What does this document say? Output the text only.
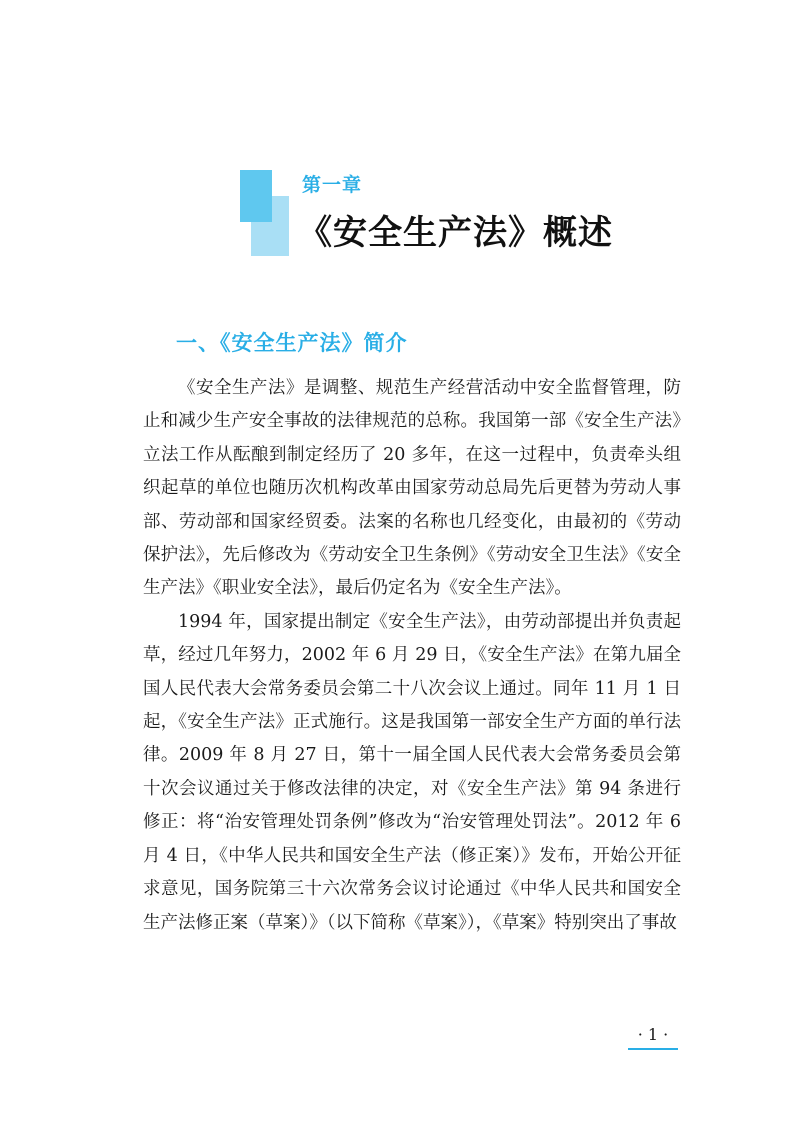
第一章
《安全生产法》概述
一、《安全生产法》简介

《安全生产法》是调整、规范生产经营活动中安全监督管理，防止和减少生产安全事故的法律规范的总称。我国第一部《安全生产法》立法工作从酝酿到制定经历了 20 多年，在这一过程中，负责牵头组织起草的单位也随历次机构改革由国家劳动总局先后更替为劳动人事部、劳动部和国家经贸委。法案的名称也几经变化，由最初的《劳动保护法》，先后修改为《劳动安全卫生条例》《劳动安全卫生法》《安全生产法》《职业安全法》，最后仍定名为《安全生产法》。

1994 年，国家提出制定《安全生产法》，由劳动部提出并负责起草，经过几年努力，2002 年 6 月 29 日，《安全生产法》在第九届全国人民代表大会常务委员会第二十八次会议上通过。同年 11 月 1 日起，《安全生产法》正式施行。这是我国第一部安全生产方面的单行法律。2009 年 8 月 27 日，第十一届全国人民代表大会常务委员会第十次会议通过关于修改法律的决定，对《安全生产法》第 94 条进行修正：将“治安管理处罚条例”修改为“治安管理处罚法”。2012 年 6 月 4 日，《中华人民共和国安全生产法（修正案）》发布，开始公开征求意见，国务院第三十六次常务会议讨论通过《中华人民共和国安全生产法修正案（草案）》（以下简称《草案》），《草案》特别突出了事故

· 1 ·
